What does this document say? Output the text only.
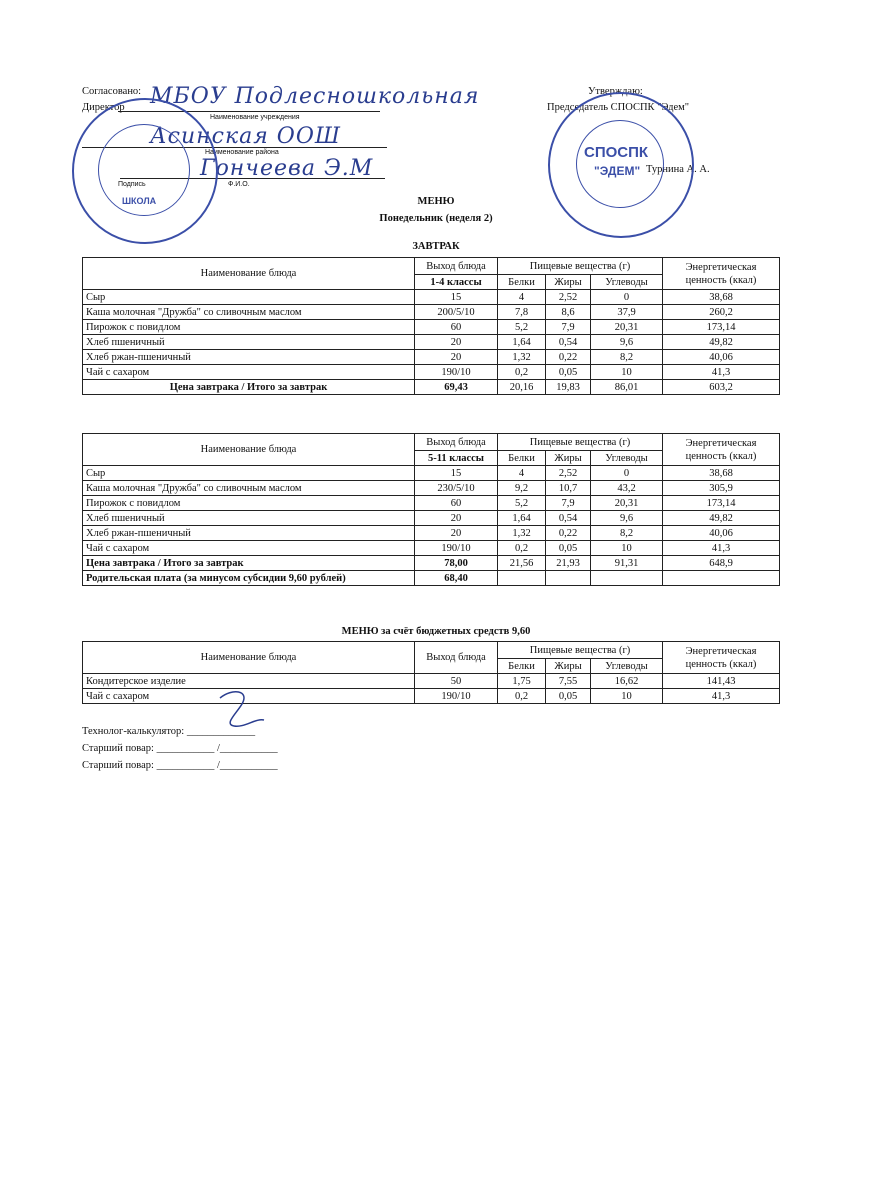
Согласовано:
Директор	МБОУ Подлесношкольная
Наименование учреждения
Асинская ООШ
Наименование района
Гончеева Э.М
Подпись	Ф.И.О.
ШКОЛА
Утверждаю:
Председатель СПОСПК "Эдем"
Турнина А. А.
СПОСПК
"ЭДЕМ"
МЕНЮ
Понедельник (неделя 2)
ЗАВТРАК
Наименование блюда	Выход блюда	Пищевые вещества (г)			Энергетическая
ценность (ккал)
	1-4 классы	Белки	Жиры	Углеводы	
Сыр	15	4	2,52	0	38,68
Каша молочная "Дружба" со сливочным маслом	200/5/10	7,8	8,6	37,9	260,2
Пирожок с повидлом	60	5,2	7,9	20,31	173,14
Хлеб пшеничный	20	1,64	0,54	9,6	49,82
Хлеб ржан-пшеничный	20	1,32	0,22	8,2	40,06
Чай с сахаром	190/10	0,2	0,05	10	41,3
Цена завтрака / Итого за завтрак	69,43	20,16	19,83	86,01	603,2
Наименование блюда	Выход блюда	Пищевые вещества (г)			Энергетическая
ценность (ккал)
	5-11 классы	Белки	Жиры	Углеводы	
Сыр	15	4	2,52	0	38,68
Каша молочная "Дружба" со сливочным маслом	230/5/10	9,2	10,7	43,2	305,9
Пирожок с повидлом	60	5,2	7,9	20,31	173,14
Хлеб пшеничный	20	1,64	0,54	9,6	49,82
Хлеб ржан-пшеничный	20	1,32	0,22	8,2	40,06
Чай с сахаром	190/10	0,2	0,05	10	41,3
Цена завтрака / Итого за завтрак	78,00	21,56	21,93	91,31	648,9
Родительская плата (за минусом субсидии 9,60 рублей)	68,40				
МЕНЮ за счёт бюджетных средств 9,60
Наименование блюда	Выход блюда	Пищевые вещества (г)			Энергетическая
ценность (ккал)
		Белки	Жиры	Углеводы	
Кондитерское изделие	50	1,75	7,55	16,62	141,43
Чай с сахаром	190/10	0,2	0,05	10	41,3
Технолог-калькулятор: _____________
Старший повар: ___________ /___________
Старший повар: ___________ /___________
